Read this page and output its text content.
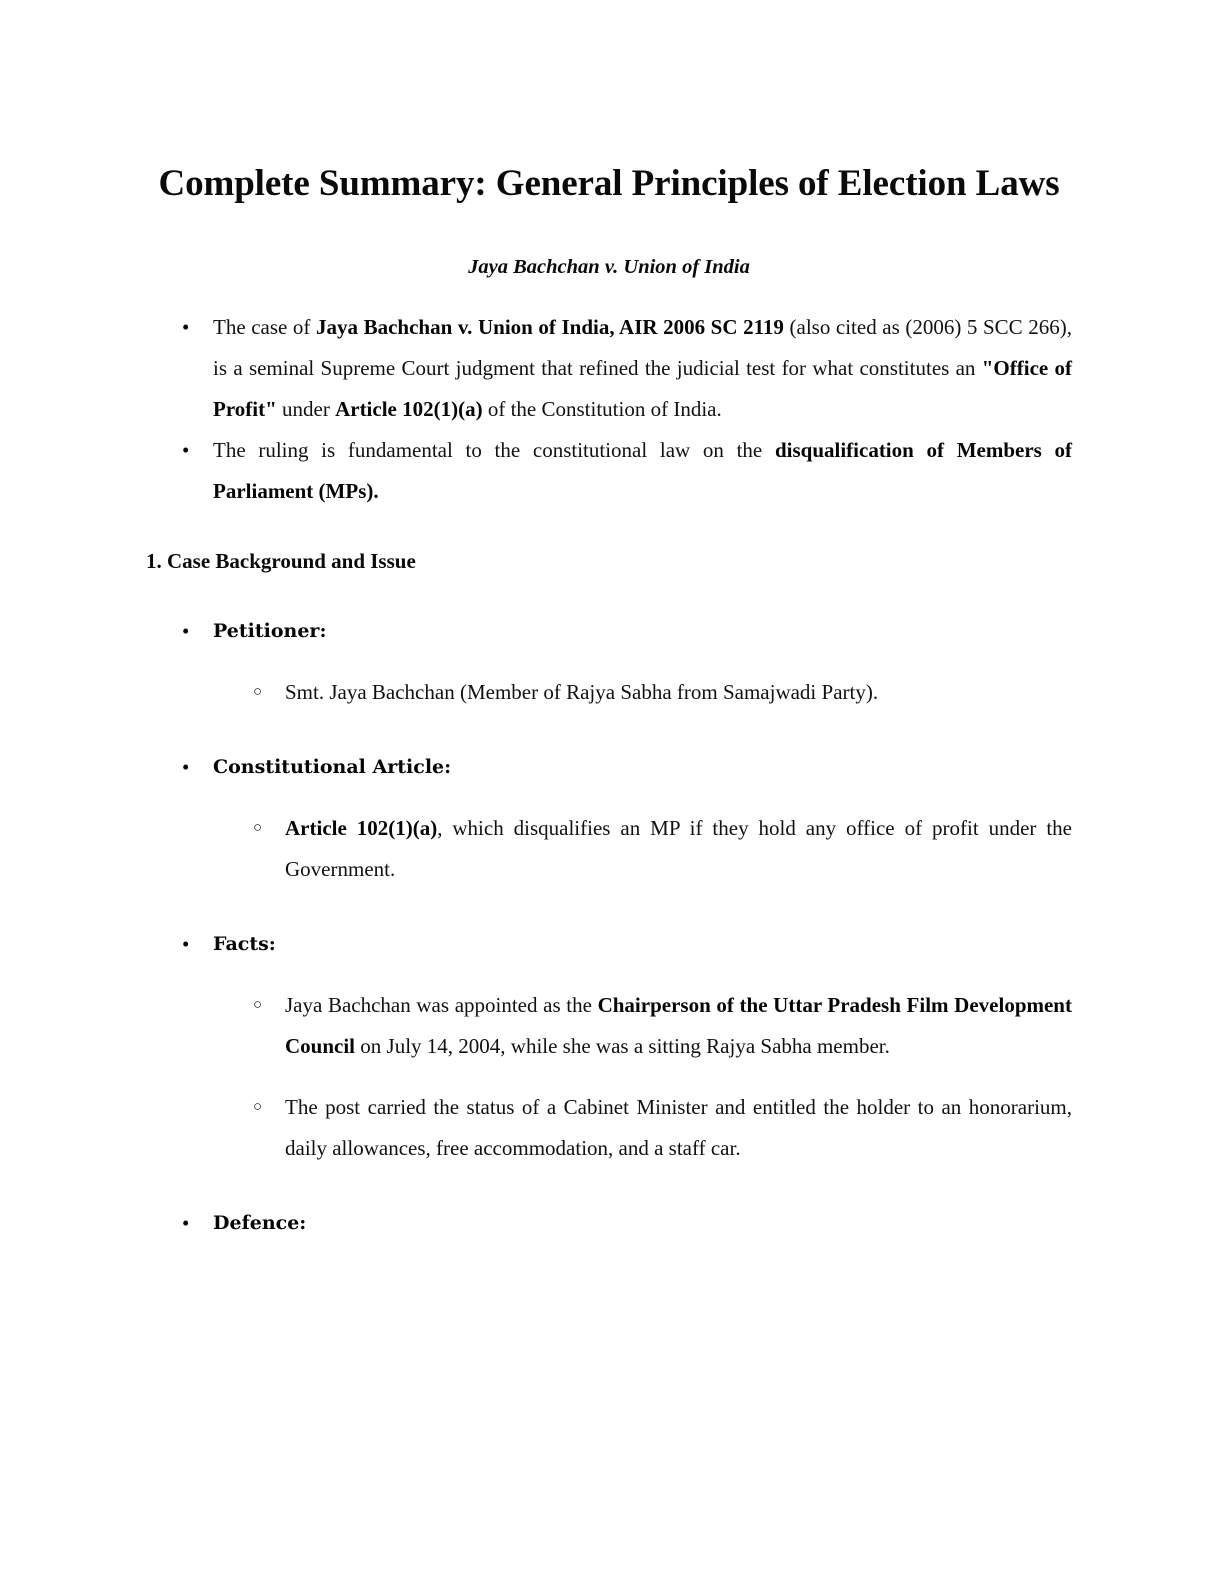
Complete Summary: General Principles of Election Laws
Jaya Bachchan v. Union of India
• The case of Jaya Bachchan v. Union of India, AIR 2006 SC 2119 (also cited as (2006) 5 SCC 266), is a seminal Supreme Court judgment that refined the judicial test for what constitutes an "Office of Profit" under Article 102(1)(a) of the Constitution of India.
• The ruling is fundamental to the constitutional law on the disqualification of Members of Parliament (MPs).
1. Case Background and Issue
• Petitioner:
○ Smt. Jaya Bachchan (Member of Rajya Sabha from Samajwadi Party).
• Constitutional Article:
○ Article 102(1)(a), which disqualifies an MP if they hold any office of profit under the Government.
• Facts:
○ Jaya Bachchan was appointed as the Chairperson of the Uttar Pradesh Film Development Council on July 14, 2004, while she was a sitting Rajya Sabha member.
○ The post carried the status of a Cabinet Minister and entitled the holder to an honorarium, daily allowances, free accommodation, and a staff car.
• Defence:
